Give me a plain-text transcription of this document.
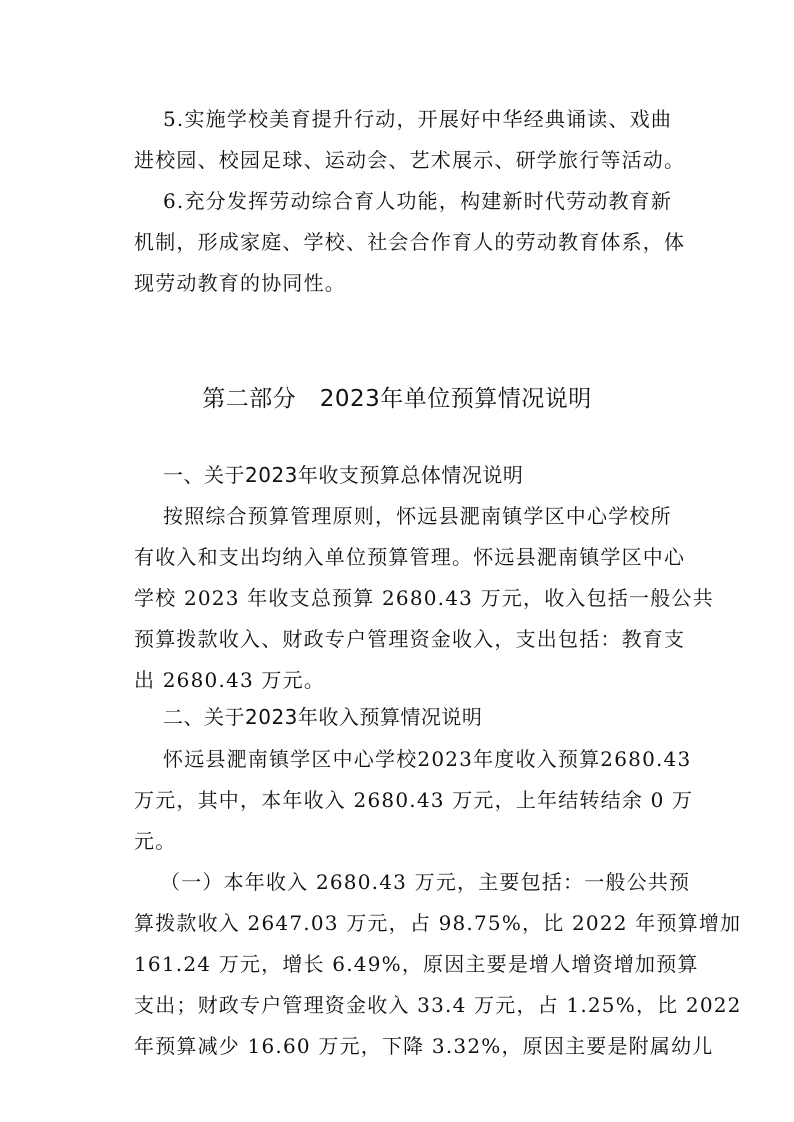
5.实施学校美育提升行动，开展好中华经典诵读、戏曲
进校园、校园足球、运动会、艺术展示、研学旅行等活动。
6.充分发挥劳动综合育人功能，构建新时代劳动教育新
机制，形成家庭、学校、社会合作育人的劳动教育体系，体
现劳动教育的协同性。
第二部分　2023年单位预算情况说明
一、关于2023年收支预算总体情况说明
按照综合预算管理原则，怀远县淝南镇学区中心学校所
有收入和支出均纳入单位预算管理。怀远县淝南镇学区中心
学校 2023 年收支总预算 2680.43 万元，收入包括一般公共
预算拨款收入、财政专户管理资金收入，支出包括：教育支
出 2680.43 万元。
二、关于2023年收入预算情况说明
怀远县淝南镇学区中心学校2023年度收入预算2680.43
万元，其中，本年收入 2680.43 万元，上年结转结余 0 万
元。
（一）本年收入 2680.43 万元，主要包括：一般公共预
算拨款收入 2647.03 万元，占 98.75%，比 2022 年预算增加
161.24 万元，增长 6.49%，原因主要是增人增资增加预算
支出；财政专户管理资金收入 33.4 万元，占 1.25%，比 2022
年预算减少 16.60 万元，下降 3.32%，原因主要是附属幼儿
